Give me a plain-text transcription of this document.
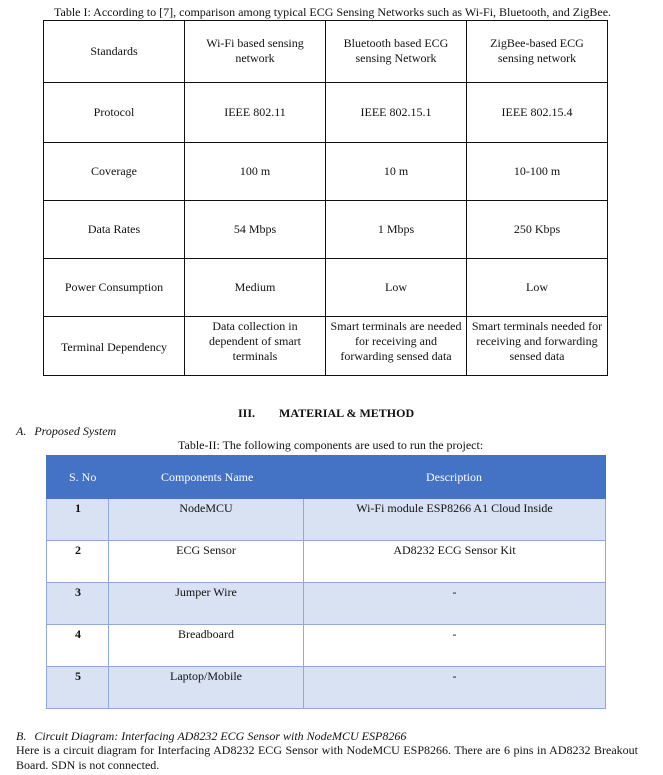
Table I: According to [7], comparison among typical ECG Sensing Networks such as Wi-Fi, Bluetooth, and ZigBee.
Standards	Wi-Fi based sensing network	Bluetooth based ECG sensing Network	ZigBee-based ECG sensing network
Protocol	IEEE 802.11	IEEE 802.15.1	IEEE 802.15.4
Coverage	100 m	10 m	10-100 m
Data Rates	54 Mbps	1 Mbps	250 Kbps
Power Consumption	Medium	Low	Low
Terminal Dependency	Data collection in dependent of smart terminals	Smart terminals are needed for receiving and forwarding sensed data	Smart terminals needed for receiving and forwarding sensed data
III. MATERIAL & METHOD
A. Proposed System
Table-II: The following components are used to run the project:
S. No	Components Name	Description
1	NodeMCU	Wi-Fi module ESP8266 A1 Cloud Inside
2	ECG Sensor	AD8232 ECG Sensor Kit
3	Jumper Wire	-
4	Breadboard	-
5	Laptop/Mobile	-
B. Circuit Diagram: Interfacing AD8232 ECG Sensor with NodeMCU ESP8266
Here is a circuit diagram for Interfacing AD8232 ECG Sensor with NodeMCU ESP8266. There are 6 pins in AD8232 Breakout Board. SDN is not connected.
